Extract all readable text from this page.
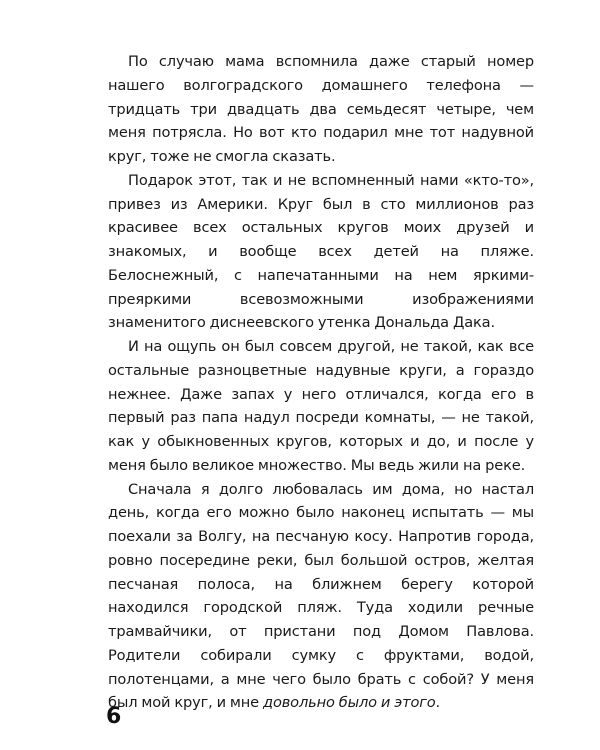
По случаю мама вспомнила даже старый номер нашего волгоградского домашнего телефона — тридцать три двадцать два семьдесят четыре, чем меня потрясла. Но вот кто подарил мне тот надувной круг, тоже не смогла сказать.

Подарок этот, так и не вспомненный нами «кто-то», привез из Америки. Круг был в сто миллионов раз красивее всех остальных кругов моих друзей и знакомых, и вообще всех детей на пляже. Белоснежный, с напечатанными на нем яркими-преяркими всевозможными изображениями знаменитого диснеевского утенка Дональда Дака.

И на ощупь он был совсем другой, не такой, как все остальные разноцветные надувные круги, а гораздо нежнее. Даже запах у него отличался, когда его в первый раз папа надул посреди комнаты, — не такой, как у обыкновенных кругов, которых и до, и после у меня было великое множество. Мы ведь жили на реке.

Сначала я долго любовалась им дома, но настал день, когда его можно было наконец испытать — мы поехали за Волгу, на песчаную косу. Напротив города, ровно посередине реки, был большой остров, желтая песчаная полоса, на ближнем берегу которой находился городской пляж. Туда ходили речные трамвайчики, от пристани под Домом Павлова. Родители собирали сумку с фруктами, водой, полотенцами, а мне чего было брать с собой? У меня был мой круг, и мне довольно было и этого.

6
